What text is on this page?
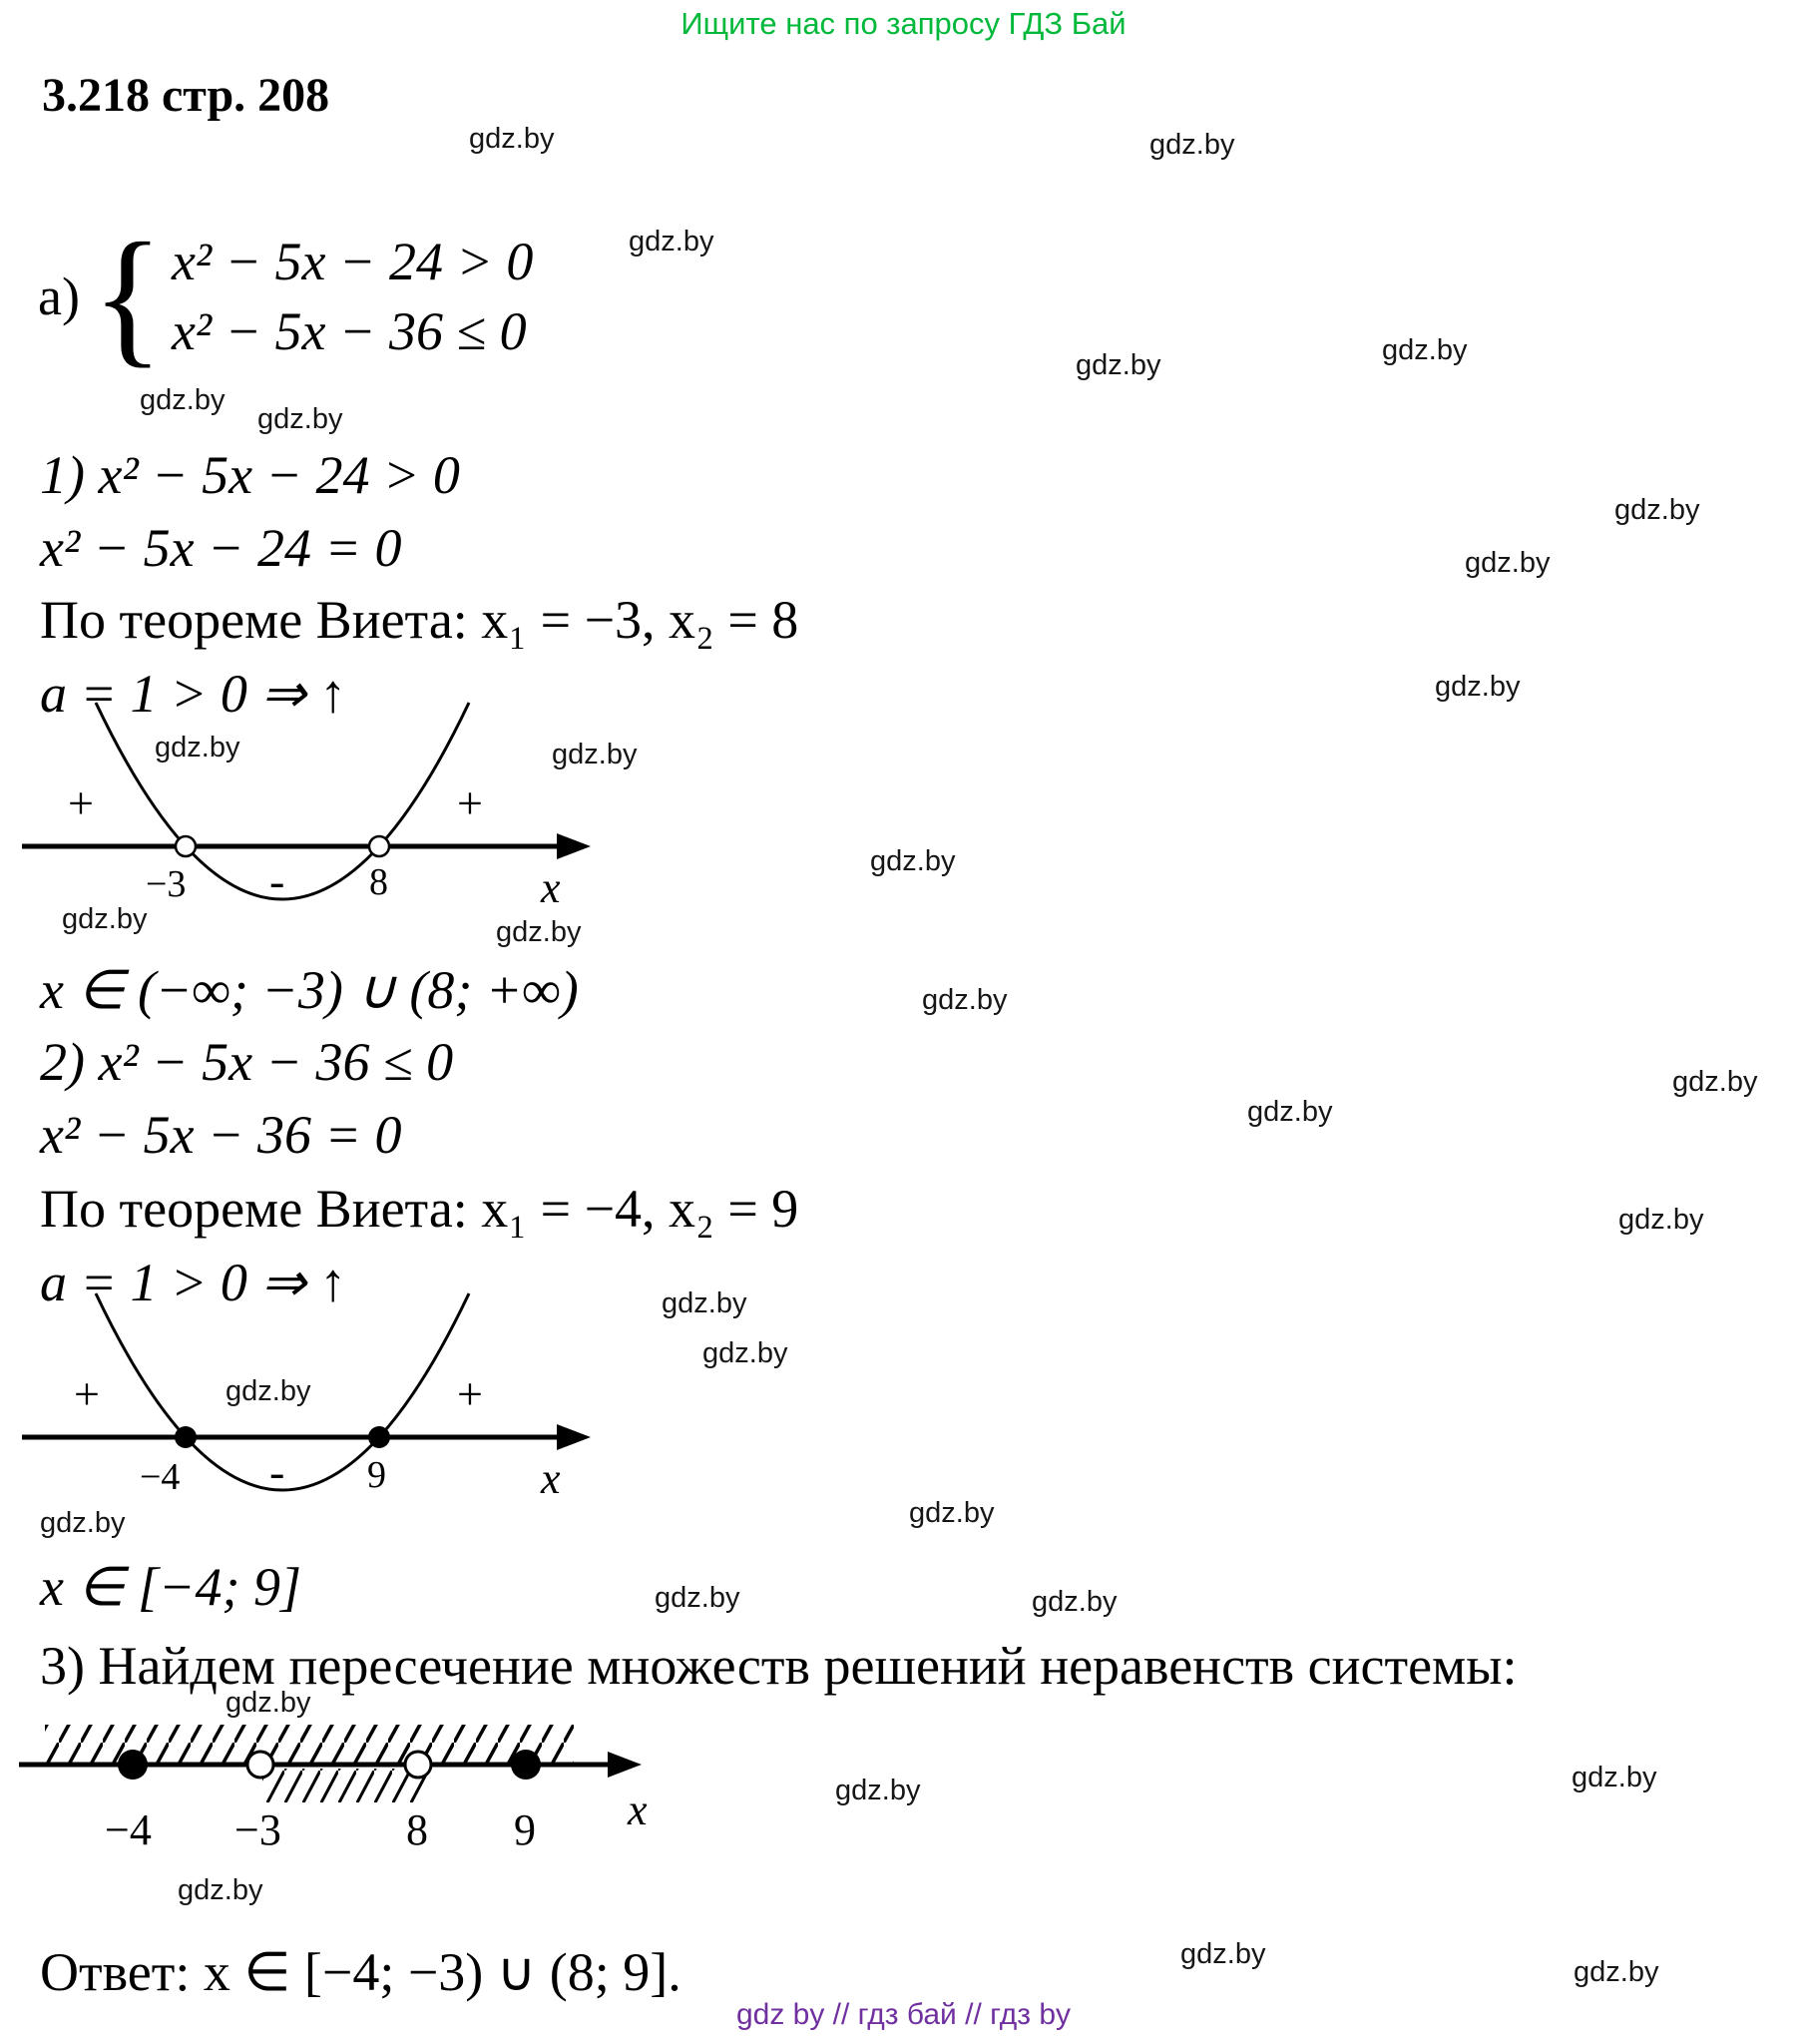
Ищите нас по запросу ГДЗ Бай
3.218 стр. 208
gdz.by	gdz.by
gdz.by
gdz.by	gdz.by
gdz.by
gdz.by
gdz.by
gdz.by
gdz.by
gdz.by	gdz.by
gdz.by
gdz.by	gdz.by
gdz.by
gdz.by
gdz.by
gdz.by
gdz.by
gdz.by
gdz.by
gdz.by
gdz.by
gdz.by	gdz.by
gdz.by
gdz.by
gdz.by
gdz.by
gdz.by
gdz.by
а) { x² − 5x − 24 > 0
x² − 5x − 36 ≤ 0
1) x² − 5x − 24 > 0
x² − 5x − 24 = 0
По теореме Виета: x₁ = −3, x₂ = 8
a = 1 > 0 ⇒ ↑
+	+
-
−3	8	x
x ∈ (−∞; −3) ∪ (8; +∞)
2) x² − 5x − 36 ≤ 0
x² − 5x − 36 = 0
По теореме Виета: x₁ = −4, x₂ = 9
a = 1 > 0 ⇒ ↑
+	+
-
−4	9	x
x ∈ [−4; 9]
3) Найдем пересечение множеств решений неравенств системы:
−4 −3	8 9 x
Ответ: x ∈ [−4; −3) ∪ (8; 9].
gdz by // гдз бай // гдз by
